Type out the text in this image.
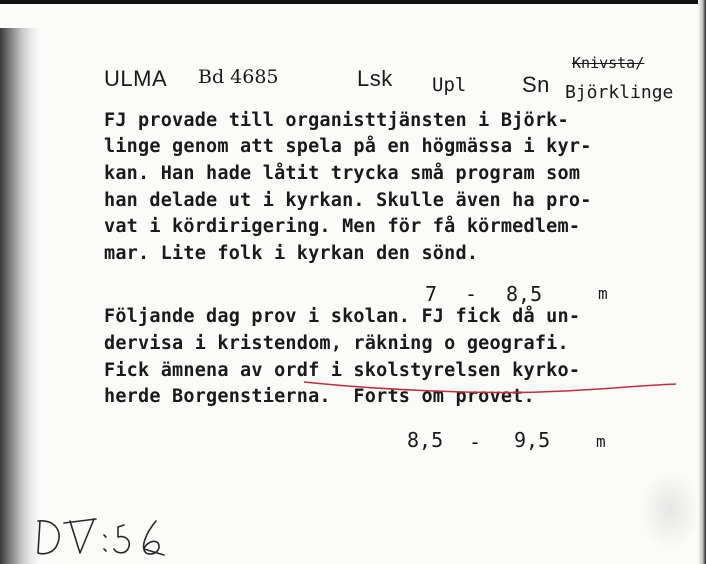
ULMA Bd 4685	Lsk Upl	Sn
Knivsta/
Björklinge
FJ provade till organisttjänsten i Björk-
linge genom att spela på en högmässa i kyr-
kan. Han hade låtit trycka små program som
han delade ut i kyrkan. Skulle även ha pro-
vat i kördirigering. Men för få körmedlem-
mar. Lite folk i kyrkan den sönd.
7 - 8,5	m
Följande dag prov i skolan. FJ fick då un-
dervisa i kristendom, räkning o geografi.
Fick ämnena av ordf i skolstyrelsen kyrko-
herde Borgenstierna.  Forts om provet.
8,5 - 9,5	m
